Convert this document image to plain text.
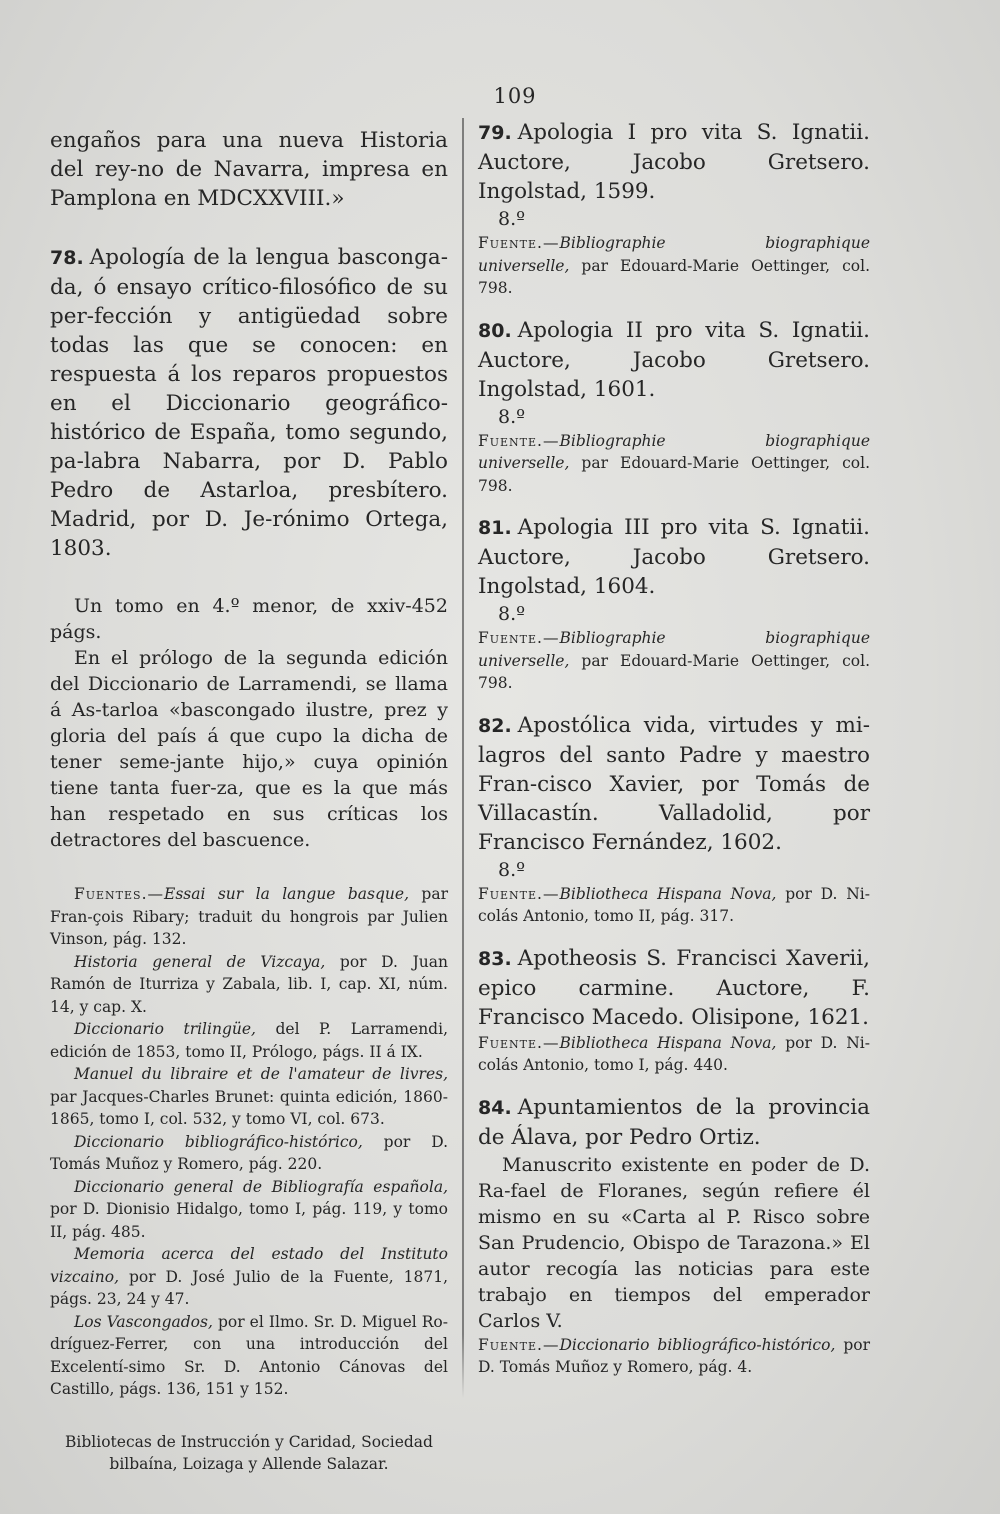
109

engaños para una nueva Historia del rey-no de Navarra, impresa en Pamplona en MDCXXVIII.»

78. Apología de la lengua basconga-da, ó ensayo crítico-filosófico de su per-fección y antigüedad sobre todas las que se conocen: en respuesta á los reparos propuestos en el Diccionario geográfico-histórico de España, tomo segundo, pa-labra Nabarra, por D. Pablo Pedro de Astarloa, presbítero. Madrid, por D. Je-rónimo Ortega, 1803.

Un tomo en 4.º menor, de xxiv-452 págs.

En el prólogo de la segunda edición del Diccionario de Larramendi, se llama á As-tarloa «bascongado ilustre, prez y gloria del país á que cupo la dicha de tener seme-jante hijo,» cuya opinión tiene tanta fuer-za, que es la que más han respetado en sus críticas los detractores del bascuence.

Fuentes.—Essai sur la langue basque, par Fran-çois Ribary; traduit du hongrois par Julien Vinson, pág. 132.

Historia general de Vizcaya, por D. Juan Ramón de Iturriza y Zabala, lib. I, cap. XI, núm. 14, y cap. X.

Diccionario trilingüe, del P. Larramendi, edición de 1853, tomo II, Prólogo, págs. II á IX.

Manuel du libraire et de l'amateur de livres, par Jacques-Charles Brunet: quinta edición, 1860-1865, tomo I, col. 532, y tomo VI, col. 673.

Diccionario bibliográfico-histórico, por D. Tomás Muñoz y Romero, pág. 220.

Diccionario general de Bibliografía española, por D. Dionisio Hidalgo, tomo I, pág. 119, y tomo II, pág. 485.

Memoria acerca del estado del Instituto vizcaino, por D. José Julio de la Fuente, 1871, págs. 23, 24 y 47.

Los Vascongados, por el Ilmo. Sr. D. Miguel Ro-dríguez-Ferrer, con una introducción del Excelentí-simo Sr. D. Antonio Cánovas del Castillo, págs. 136, 151 y 152.

Bibliotecas de Instrucción y Caridad, Sociedad bilbaína, Loizaga y Allende Salazar.

79. Apologia I pro vita S. Ignatii. Auctore, Jacobo Gretsero. Ingolstad, 1599.

8.º

Fuente.—Bibliographie biographique universelle, par Edouard-Marie Oettinger, col. 798.

80. Apologia II pro vita S. Ignatii. Auctore, Jacobo Gretsero. Ingolstad, 1601.

8.º

Fuente.—Bibliographie biographique universelle, par Edouard-Marie Oettinger, col. 798.

81. Apologia III pro vita S. Ignatii. Auctore, Jacobo Gretsero. Ingolstad, 1604.

8.º

Fuente.—Bibliographie biographique universelle, par Edouard-Marie Oettinger, col. 798.

82. Apostólica vida, virtudes y mi-lagros del santo Padre y maestro Fran-cisco Xavier, por Tomás de Villacastín. Valladolid, por Francisco Fernández, 1602.

8.º

Fuente.—Bibliotheca Hispana Nova, por D. Ni-colás Antonio, tomo II, pág. 317.

83. Apotheosis S. Francisci Xaverii, epico carmine. Auctore, F. Francisco Macedo. Olisipone, 1621.

Fuente.—Bibliotheca Hispana Nova, por D. Ni-colás Antonio, tomo I, pág. 440.

84. Apuntamientos de la provincia de Álava, por Pedro Ortiz.

Manuscrito existente en poder de D. Ra-fael de Floranes, según refiere él mismo en su «Carta al P. Risco sobre San Prudencio, Obispo de Tarazona.» El autor recogía las noticias para este trabajo en tiempos del emperador Carlos V.

Fuente.—Diccionario bibliográfico-histórico, por D. Tomás Muñoz y Romero, pág. 4.
